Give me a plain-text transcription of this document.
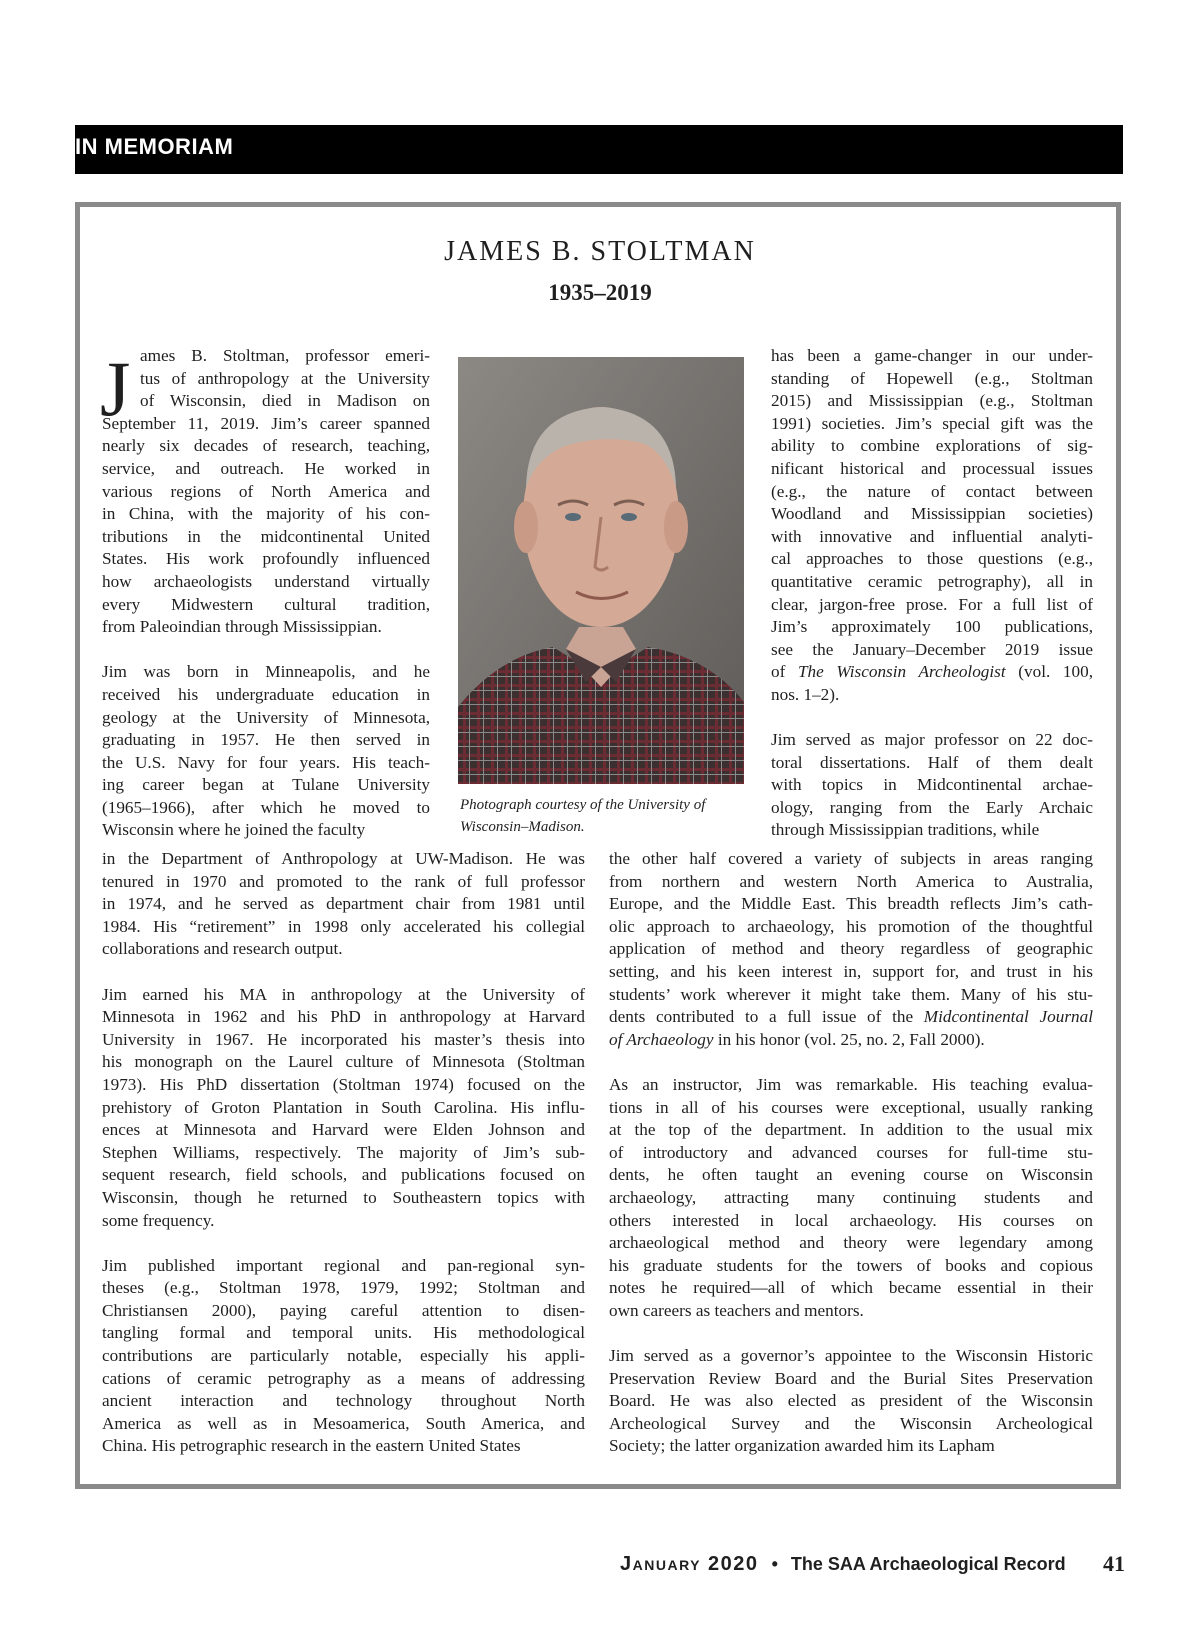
IN MEMORIAM
JAMES B. STOLTMAN
1935–2019
J ames B. Stoltman, professor emeri-
tus of anthropology at the University
of Wisconsin, died in Madison on
September 11, 2019. Jim’s career spanned
nearly six decades of research, teaching,
service, and outreach. He worked in
various regions of North America and
in China, with the majority of his con-
tributions in the midcontinental United
States. His work profoundly influenced
how archaeologists understand virtually
every Midwestern cultural tradition,
from Paleoindian through Mississippian.
Jim was born in Minneapolis, and he
received his undergraduate education in
geology at the University of Minnesota,
graduating in 1957. He then served in
the U.S. Navy for four years. His teach-
ing career began at Tulane University
(1965–1966), after which he moved to
Wisconsin where he joined the faculty
in the Department of Anthropology at UW-Madison. He was
tenured in 1970 and promoted to the rank of full professor
in 1974, and he served as department chair from 1981 until
1984. His “retirement” in 1998 only accelerated his collegial
collaborations and research output.
Jim earned his MA in anthropology at the University of
Minnesota in 1962 and his PhD in anthropology at Harvard
University in 1967. He incorporated his master’s thesis into
his monograph on the Laurel culture of Minnesota (Stoltman
1973). His PhD dissertation (Stoltman 1974) focused on the
prehistory of Groton Plantation in South Carolina. His influ-
ences at Minnesota and Harvard were Elden Johnson and
Stephen Williams, respectively. The majority of Jim’s sub-
sequent research, field schools, and publications focused on
Wisconsin, though he returned to Southeastern topics with
some frequency.
Jim published important regional and pan-regional syn-
theses (e.g., Stoltman 1978, 1979, 1992; Stoltman and
Christiansen 2000), paying careful attention to disen-
tangling formal and temporal units. His methodological
contributions are particularly notable, especially his appli-
cations of ceramic petrography as a means of addressing
ancient interaction and technology throughout North
America as well as in Mesoamerica, South America, and
China. His petrographic research in the eastern United States
has been a game-changer in our under-
standing of Hopewell (e.g., Stoltman
2015) and Mississippian (e.g., Stoltman
1991) societies. Jim’s special gift was the
ability to combine explorations of sig-
nificant historical and processual issues
(e.g., the nature of contact between
Woodland and Mississippian societies)
with innovative and influential analyti-
cal approaches to those questions (e.g.,
quantitative ceramic petrography), all in
clear, jargon-free prose. For a full list of
Jim’s approximately 100 publications,
see the January–December 2019 issue
of The Wisconsin Archeologist (vol. 100,
nos. 1–2).
Jim served as major professor on 22 doc-
toral dissertations. Half of them dealt
with topics in Midcontinental archae-
ology, ranging from the Early Archaic
through Mississippian traditions, while
the other half covered a variety of subjects in areas ranging
from northern and western North America to Australia,
Europe, and the Middle East. This breadth reflects Jim’s cath-
olic approach to archaeology, his promotion of the thoughtful
application of method and theory regardless of geographic
setting, and his keen interest in, support for, and trust in his
students’ work wherever it might take them. Many of his stu-
dents contributed to a full issue of the Midcontinental Journal
of Archaeology in his honor (vol. 25, no. 2, Fall 2000).
As an instructor, Jim was remarkable. His teaching evalua-
tions in all of his courses were exceptional, usually ranking
at the top of the department. In addition to the usual mix
of introductory and advanced courses for full-time stu-
dents, he often taught an evening course on Wisconsin
archaeology, attracting many continuing students and
others interested in local archaeology. His courses on
archaeological method and theory were legendary among
his graduate students for the towers of books and copious
notes he required—all of which became essential in their
own careers as teachers and mentors.
Jim served as a governor’s appointee to the Wisconsin Historic
Preservation Review Board and the Burial Sites Preservation
Board. He was also elected as president of the Wisconsin
Archeological Survey and the Wisconsin Archeological
Society; the latter organization awarded him its Lapham
Photograph courtesy of the University of
Wisconsin–Madison.
January 2020 • The SAA Archaeological Record 41
